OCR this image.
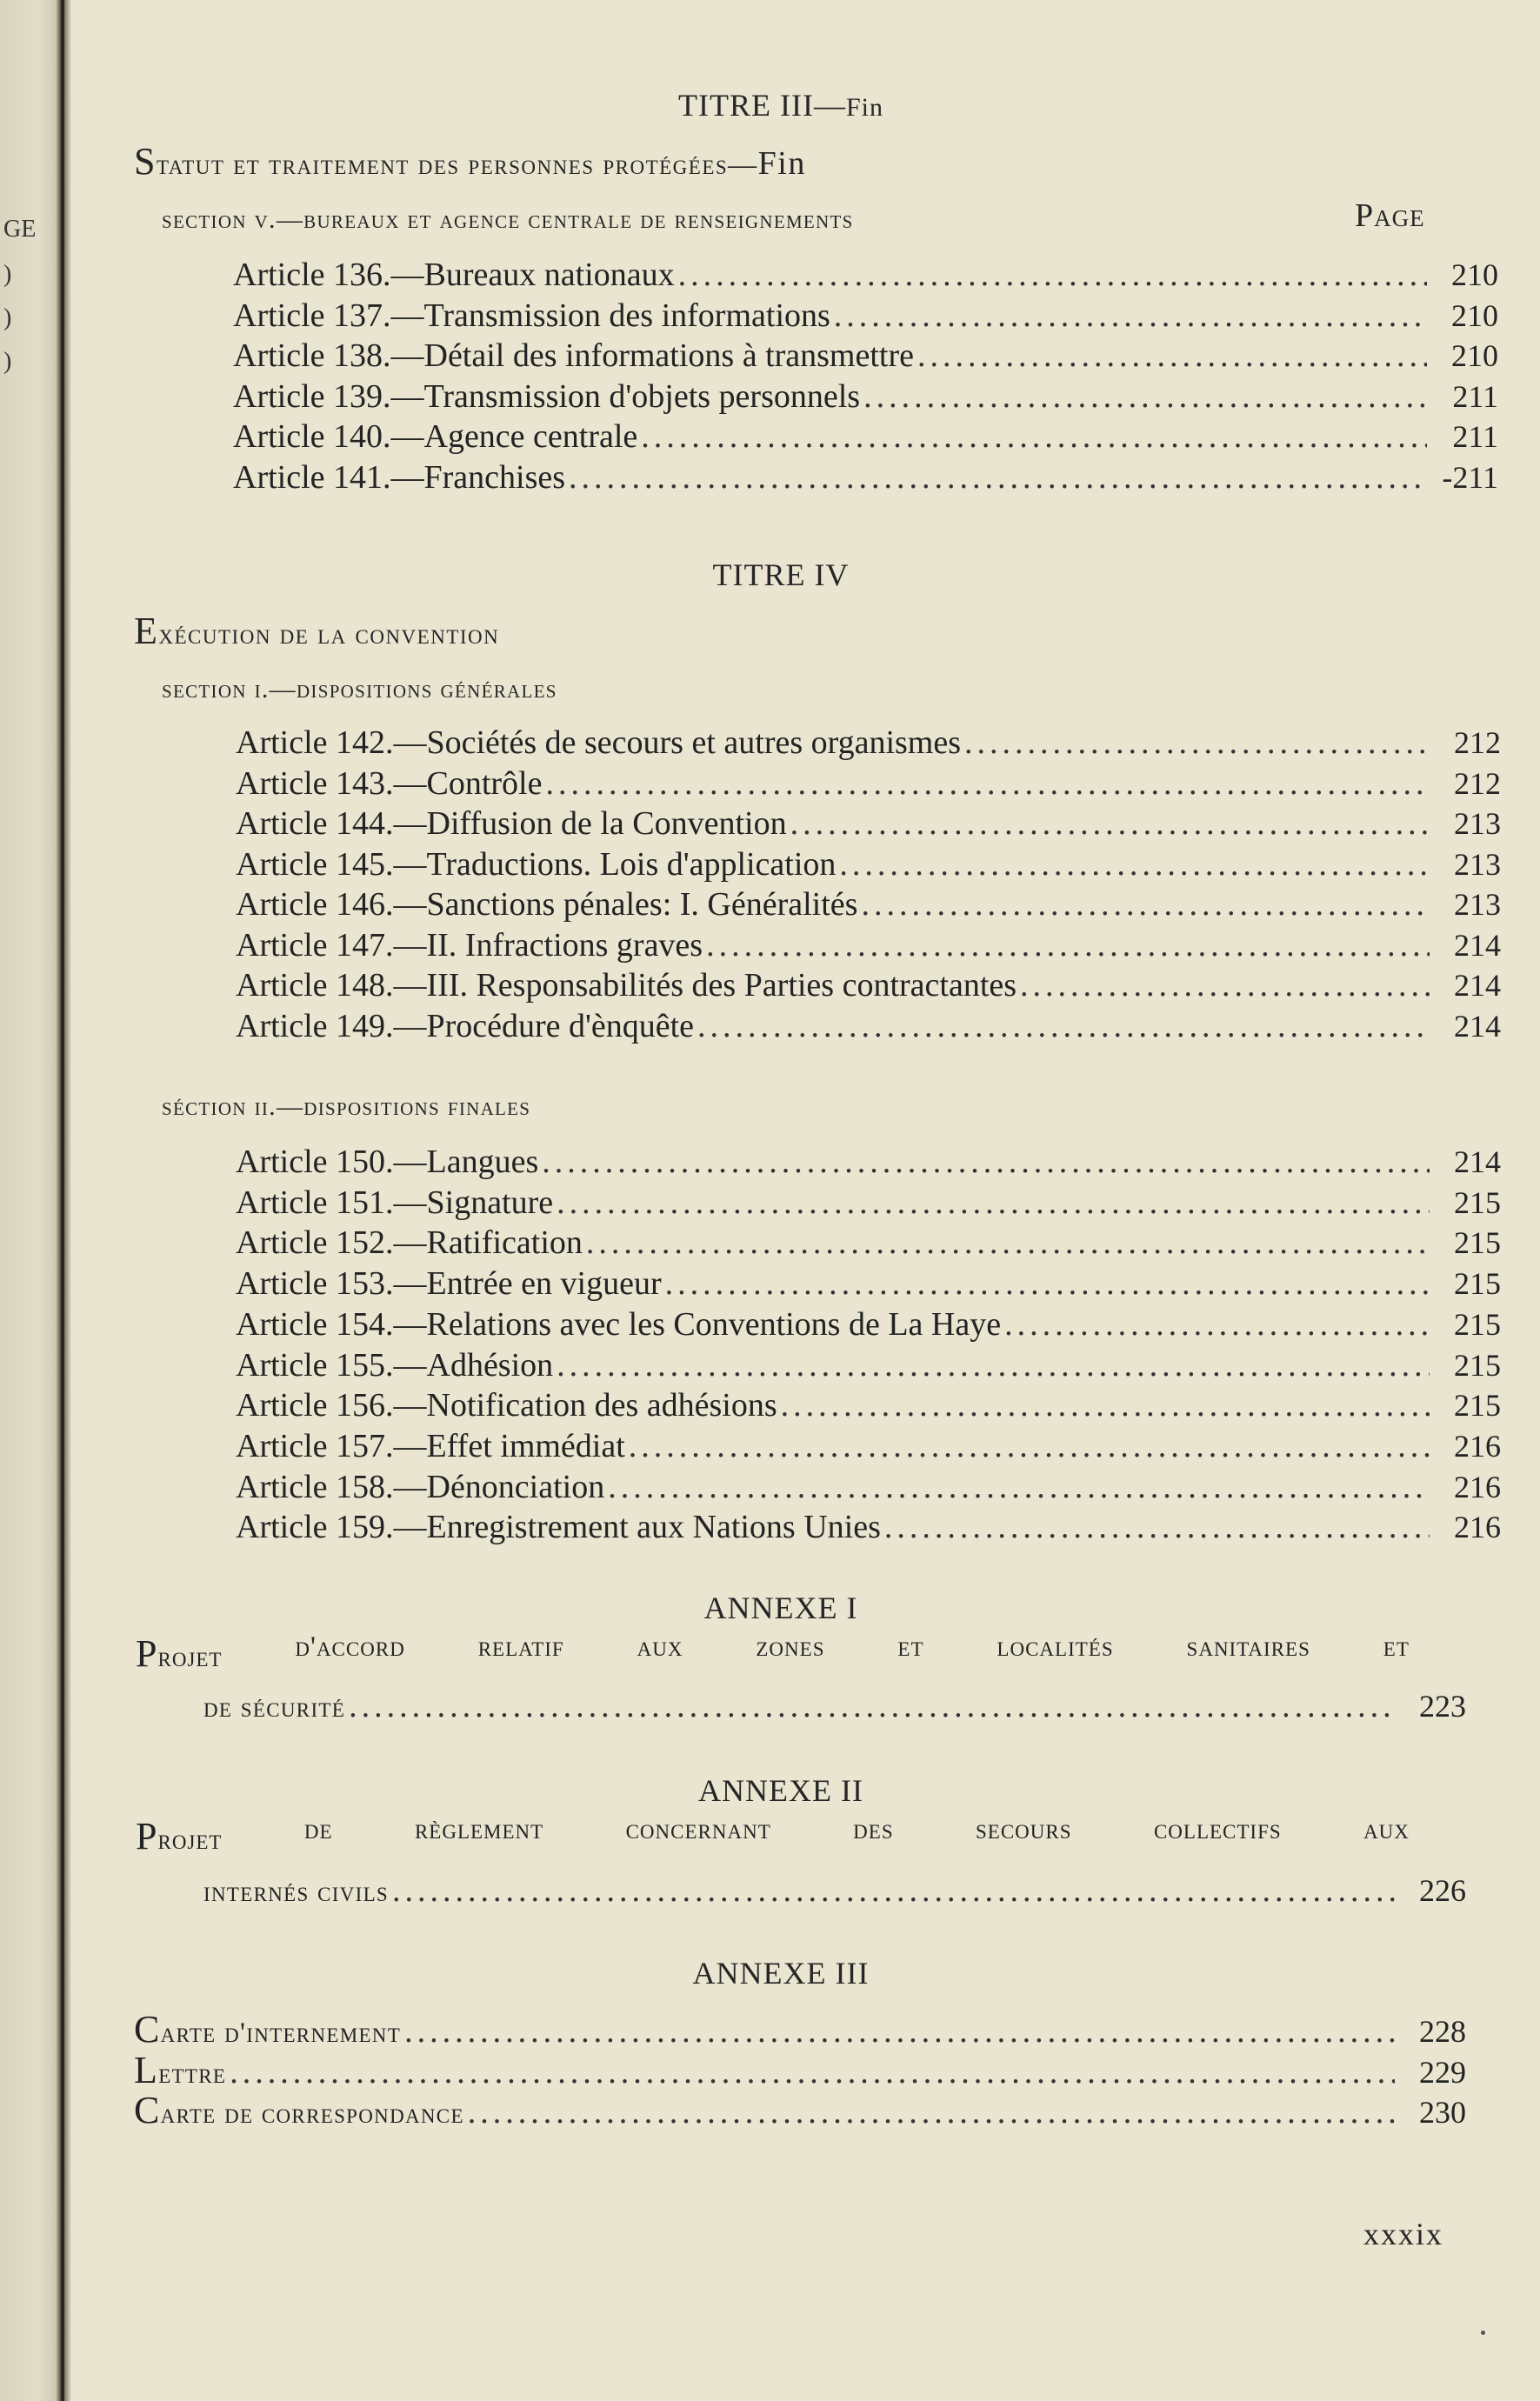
GE
)
)
)
TITRE III—Fin
Statut et traitement des personnes protégées—Fin
section v.—bureaux et agence centrale de renseignements	Page
Article 136.—Bureaux nationaux .....	210
Article 137.—Transmission des informations .....	210
Article 138.—Détail des informations à transmettre .....	210
Article 139.—Transmission d'objets personnels .....	211
Article 140.—Agence centrale .....	211
Article 141.—Franchises .....	-211
TITRE IV
Exécution de la convention
section i.—dispositions générales
Article 142.—Sociétés de secours et autres organismes .....	212
Article 143.—Contrôle .....	212
Article 144.—Diffusion de la Convention .....	213
Article 145.—Traductions. Lois d'application .....	213
Article 146.—Sanctions pénales: I. Généralités .....	213
Article 147.—II. Infractions graves .....	214
Article 148.—III. Responsabilités des Parties contractantes .....	214
Article 149.—Procédure d'ènquête .....	214
séction ii.—dispositions finales
Article 150.—Langues .....	214
Article 151.—Signature .....	215
Article 152.—Ratification .....	215
Article 153.—Entrée en vigueur .....	215
Article 154.—Relations avec les Conventions de La Haye .....	215
Article 155.—Adhésion .....	215
Article 156.—Notification des adhésions .....	215
Article 157.—Effet immédiat .....	216
Article 158.—Dénonciation .....	216
Article 159.—Enregistrement aux Nations Unies .....	216
ANNEXE I
Projet	d'accord	relatif	aux	zones	et	localités	sanitaires	et
de sécurité .....	223
ANNEXE II
Projet	de	règlement	concernant	des	secours	collectifs	aux
internés civils .....	226
ANNEXE III
Carte d'internement .....	228
Lettre .....	229
Carte de correspondance .....	230
xxxix
